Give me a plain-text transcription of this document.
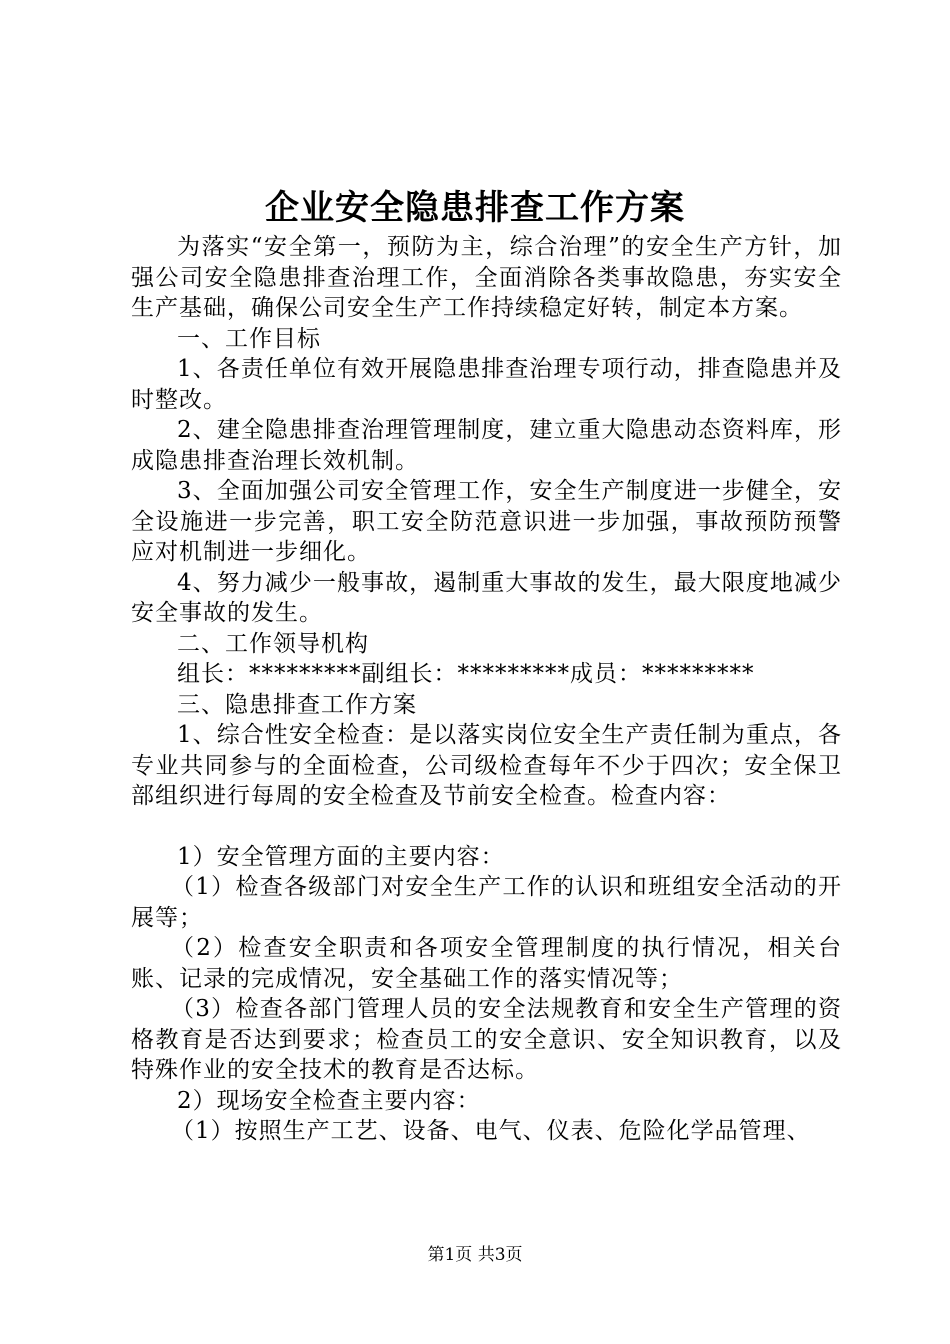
企业安全隐患排查工作方案

为落实“安全第一，预防为主，综合治理”的安全生产方针，加强公司安全隐患排查治理工作，全面消除各类事故隐患，夯实安全生产基础，确保公司安全生产工作持续稳定好转，制定本方案。

一、工作目标

1、各责任单位有效开展隐患排查治理专项行动，排查隐患并及时整改。

2、建全隐患排查治理管理制度，建立重大隐患动态资料库，形成隐患排查治理长效机制。

3、全面加强公司安全管理工作，安全生产制度进一步健全，安全设施进一步完善，职工安全防范意识进一步加强，事故预防预警应对机制进一步细化。

4、努力减少一般事故，遏制重大事故的发生，最大限度地减少安全事故的发生。

二、工作领导机构

组长：*********副组长：*********成员：*********

三、隐患排查工作方案

1、综合性安全检查：是以落实岗位安全生产责任制为重点，各专业共同参与的全面检查，公司级检查每年不少于四次；安全保卫部组织进行每周的安全检查及节前安全检查。检查内容：

1）安全管理方面的主要内容：

（1）检查各级部门对安全生产工作的认识和班组安全活动的开展等；

（2）检查安全职责和各项安全管理制度的执行情况，相关台账、记录的完成情况，安全基础工作的落实情况等；

（3）检查各部门管理人员的安全法规教育和安全生产管理的资格教育是否达到要求；检查员工的安全意识、安全知识教育，以及特殊作业的安全技术的教育是否达标。

2）现场安全检查主要内容：

（1）按照生产工艺、设备、电气、仪表、危险化学品管理、

第1页 共3页
